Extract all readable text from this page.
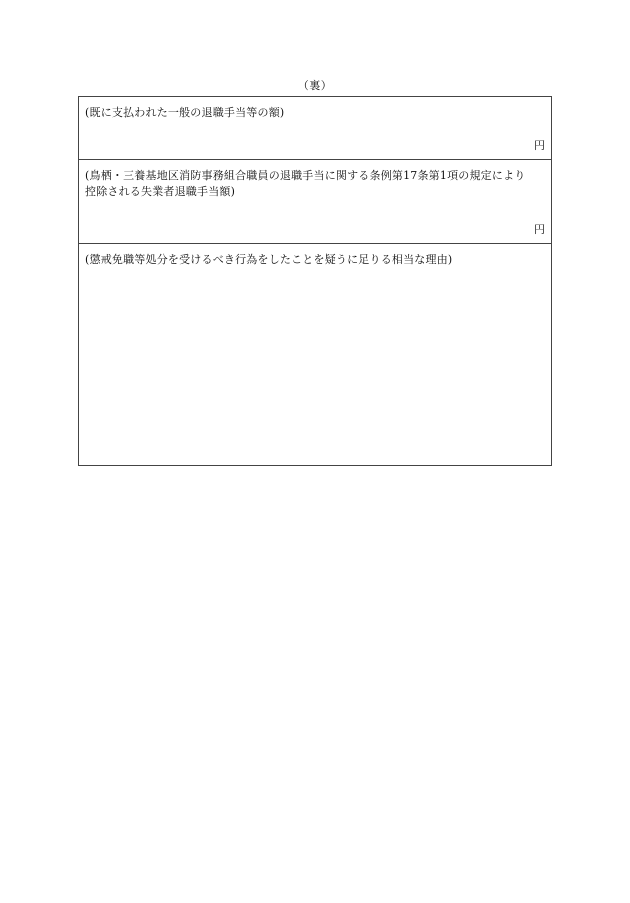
（裏）
(既に支払われた一般の退職手当等の額)
円
(鳥栖・三養基地区消防事務組合職員の退職手当に関する条例第17条第1項の規定により
控除される失業者退職手当額)
円
(懲戒免職等処分を受けるべき行為をしたことを疑うに足りる相当な理由)
